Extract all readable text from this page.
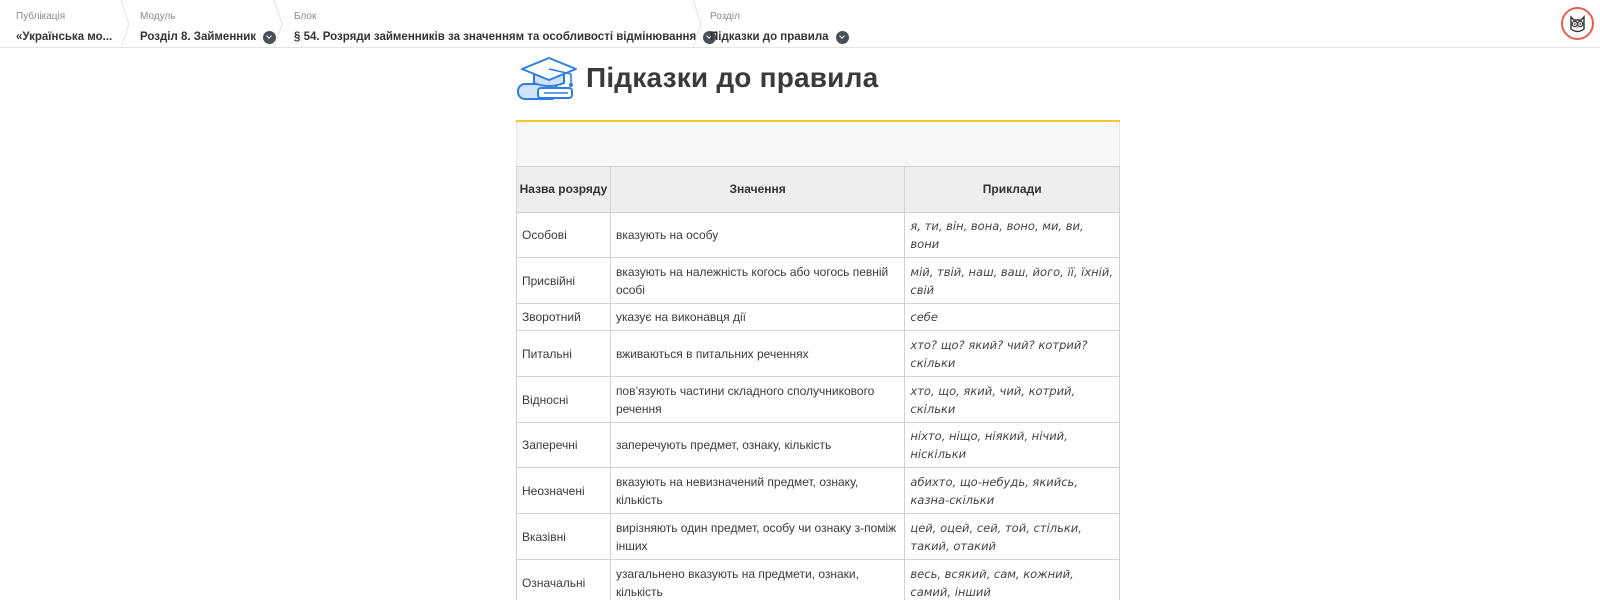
Публікація
«Українська мо...
Модуль
Розділ 8. Займенник
Блок
§ 54. Розряди займенників за значенням та особливості відмінювання
Розділ
Підказки до правила
Підказки до правила
Назва розряду	Значення	Приклади
Особові	вказують на особу	я, ти, він, вона, воно, ми, ви, вони
Присвійні	вказують на належність когось або чогось певній особі	мій, твій, наш, ваш, його, її, їхній, свій
Зворотний	указує на виконавця дії	себе
Питальні	вживаються в питальних реченнях	хто? що? який? чий? котрий? скільки
Відносні	пов’язують частини складного сполучникового речення	хто, що, який, чий, котрий, скільки
Заперечні	заперечують предмет, ознаку, кількість	ніхто, ніщо, ніякий, нічий, ніскільки
Неозначені	вказують на невизначений предмет, ознаку, кількість	абихто, що-небудь, якийсь, казна-скільки
Вказівні	вирізняють один предмет, особу чи ознаку з-поміж інших	цей, оцей, сей, той, стільки, такий, отакий
Означальні	узагальнено вказують на предмети, ознаки, кількість	весь, всякий, сам, кожний, самий, інший
